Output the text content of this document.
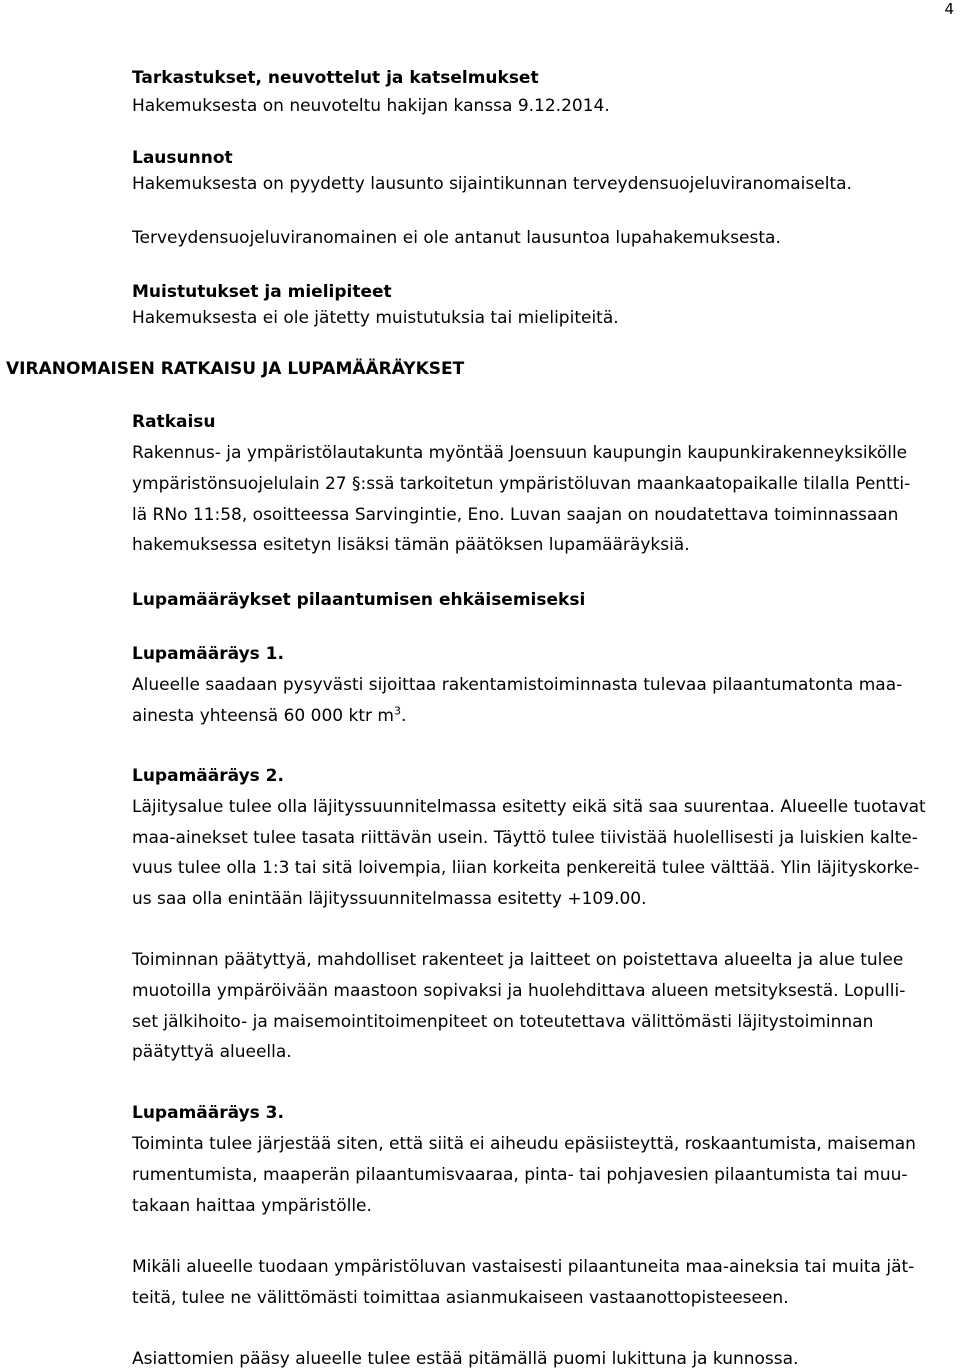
4
Tarkastukset, neuvottelut ja katselmukset
Hakemuksesta on neuvoteltu hakijan kanssa 9.12.2014.
Lausunnot
Hakemuksesta on pyydetty lausunto sijaintikunnan terveydensuojeluviranomaiselta.
Terveydensuojeluviranomainen ei ole antanut lausuntoa lupahakemuksesta.
Muistutukset ja mielipiteet
Hakemuksesta ei ole jätetty muistutuksia tai mielipiteitä.
VIRANOMAISEN RATKAISU JA LUPAMÄÄRÄYKSET
Ratkaisu
Rakennus- ja ympäristölautakunta myöntää Joensuun kaupungin kaupunkirakenneyksikölle
ympäristönsuojelulain 27 §:ssä tarkoitetun ympäristöluvan maankaatopaikalle tilalla Pentti-
lä RNo 11:58, osoitteessa Sarvingintie, Eno. Luvan saajan on noudatettava toiminnassaan
hakemuksessa esitetyn lisäksi tämän päätöksen lupamääräyksiä.
Lupamääräykset pilaantumisen ehkäisemiseksi
Lupamääräys 1.
Alueelle saadaan pysyvästi sijoittaa rakentamistoiminnasta tulevaa pilaantumatonta maa-
ainesta yhteensä 60 000 ktr $m^3$.
Lupamääräys 2.
Läjitysalue tulee olla läjityssuunnitelmassa esitetty eikä sitä saa suurentaa. Alueelle tuotavat
maa-ainekset tulee tasata riittävän usein. Täyttö tulee tiivistää huolellisesti ja luiskien kalte-
vuus tulee olla 1:3 tai sitä loivempia, liian korkeita penkereitä tulee välttää. Ylin läjityskorke-
us saa olla enintään läjityssuunnitelmassa esitetty +109.00.
Toiminnan päätyttyä, mahdolliset rakenteet ja laitteet on poistettava alueelta ja alue tulee
muotoilla ympäröivään maastoon sopivaksi ja huolehdittava alueen metsityksestä. Lopulli-
set jälkihoito- ja maisemointitoimenpiteet on toteutettava välittömästi läjitystoiminnan
päätyttyä alueella.
Lupamääräys 3.
Toiminta tulee järjestää siten, että siitä ei aiheudu epäsiisteyttä, roskaantumista, maiseman
rumentumista, maaperän pilaantumisvaaraa, pinta- tai pohjavesien pilaantumista tai muu-
takaan haittaa ympäristölle.
Mikäli alueelle tuodaan ympäristöluvan vastaisesti pilaantuneita maa-aineksia tai muita jät-
teitä, tulee ne välittömästi toimittaa asianmukaiseen vastaanottopisteeseen.
Asiattomien pääsy alueelle tulee estää pitämällä puomi lukittuna ja kunnossa.
